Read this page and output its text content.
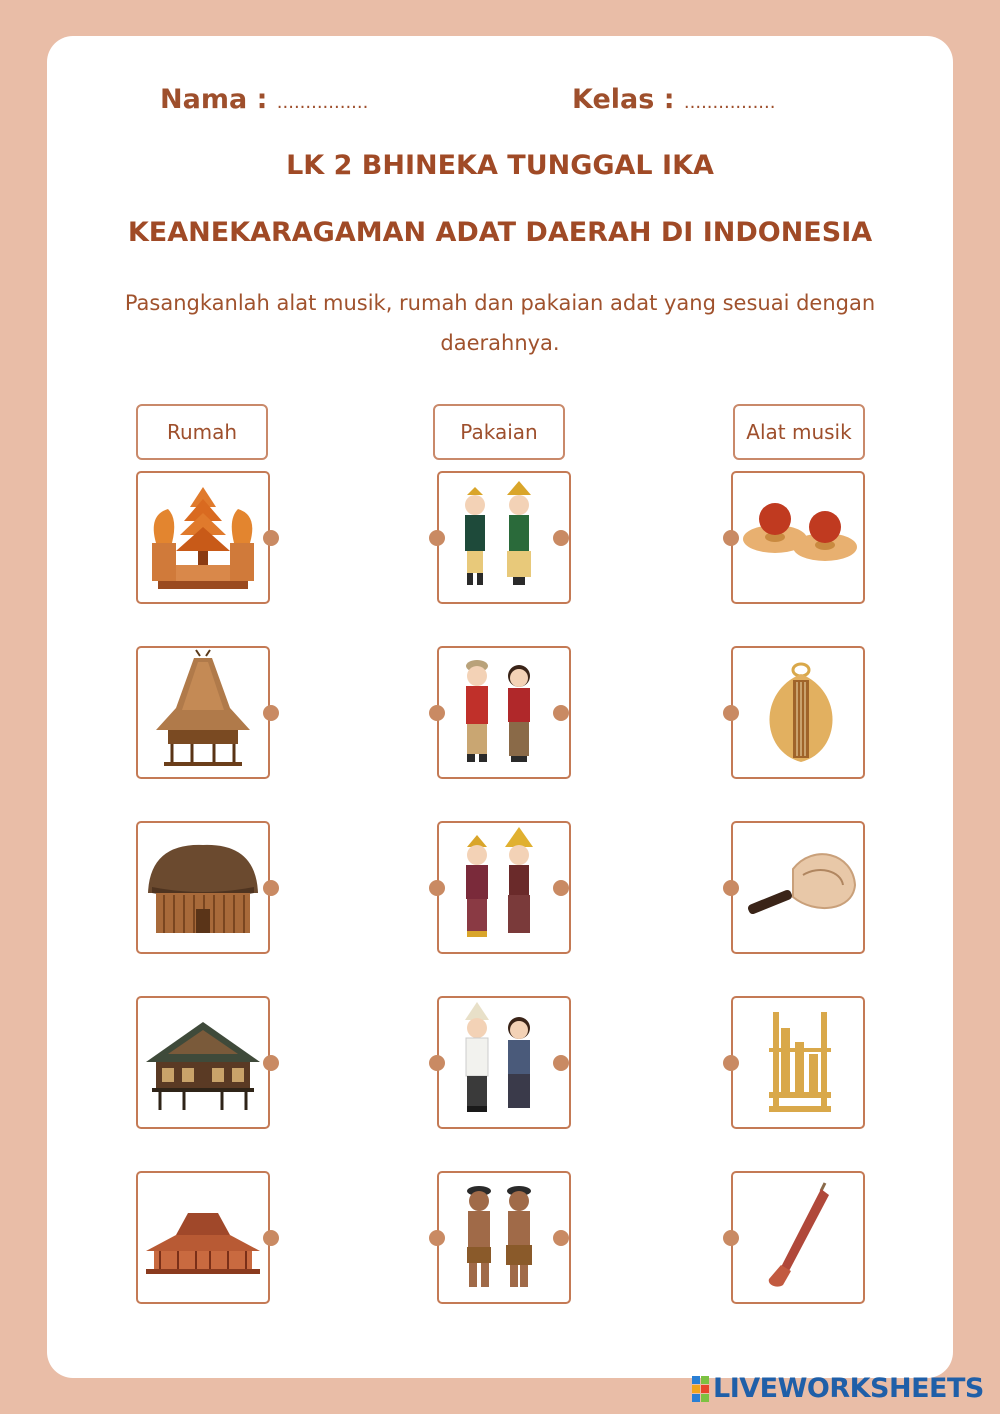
Nama : ................	Kelas : ................
LK 2 BHINEKA TUNGGAL IKA
KEANEKARAGAMAN ADAT DAERAH DI INDONESIA
Pasangkanlah alat musik, rumah dan pakaian adat yang sesuai dengan
daerahnya.
Rumah	Pakaian	Alat musik
LIVEWORKSHEETS
